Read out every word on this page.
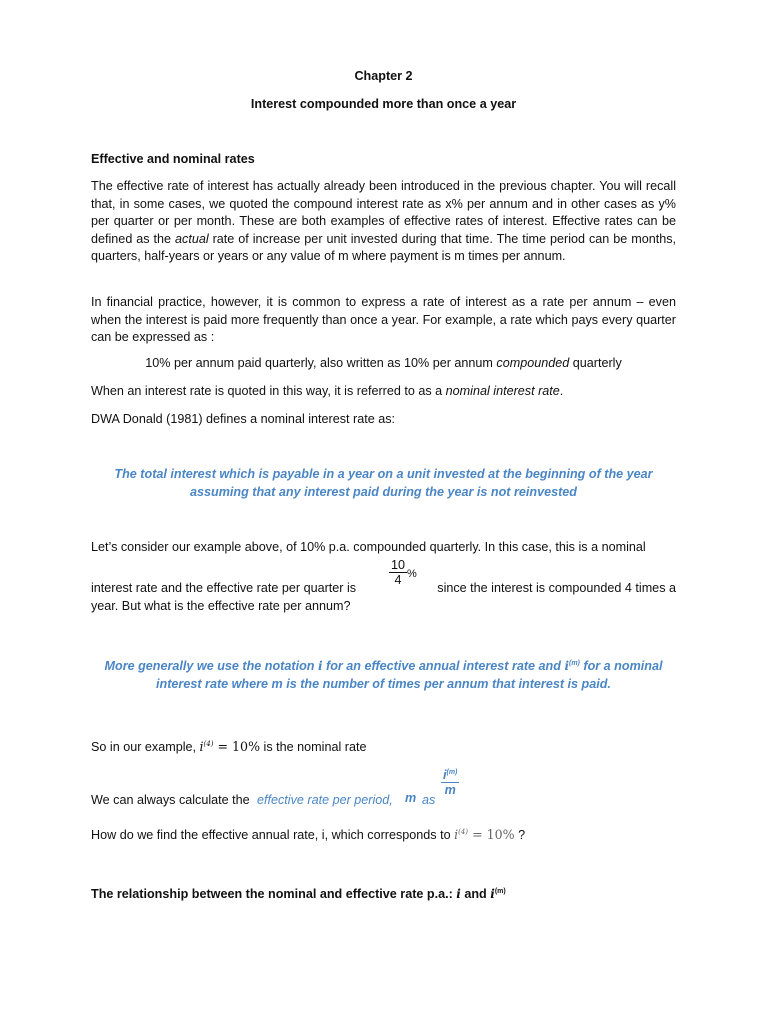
Chapter 2

Interest compounded more than once a year

Effective and nominal rates

The effective rate of interest has actually already been introduced in the previous chapter. You will recall that, in some cases, we quoted the compound interest rate as x% per annum and in other cases as y% per quarter or per month. These are both examples of effective rates of interest. Effective rates can be defined as the actual rate of increase per unit invested during that time. The time period can be months, quarters, half-years or years or any value of m where payment is m times per annum.

In financial practice, however, it is common to express a rate of interest as a rate per annum – even when the interest is paid more frequently than once a year. For example, a rate which pays every quarter can be expressed as :

10% per annum paid quarterly, also written as 10% per annum compounded quarterly

When an interest rate is quoted in this way, it is referred to as a nominal interest rate.

DWA Donald (1981) defines a nominal interest rate as:

The total interest which is payable in a year on a unit invested at the beginning of the year
assuming that any interest paid during the year is not reinvested

Let’s consider our example above, of 10% p.a. compounded quarterly. In this case, this is a nominal

interest rate and the effective rate per quarter is
$\frac{10}{4}$ %
since the interest is compounded 4 times a

year. But what is the effective rate per annum?

More generally we use the notation i for an effective annual interest rate and $i^{(m)}$ for a nominal
interest rate where m is the number of times per annum that interest is paid.

So in our example, $i^{(4)} = 10\%$ is the nominal rate

We can always calculate the effective rate per period, m as
$\frac{i^{(m)}}{m}$

How do we find the effective annual rate, i, which corresponds to $i^{(4)} = 10\%$ ?

The relationship between the nominal and effective rate p.a.: i and $i^{(m)}$
